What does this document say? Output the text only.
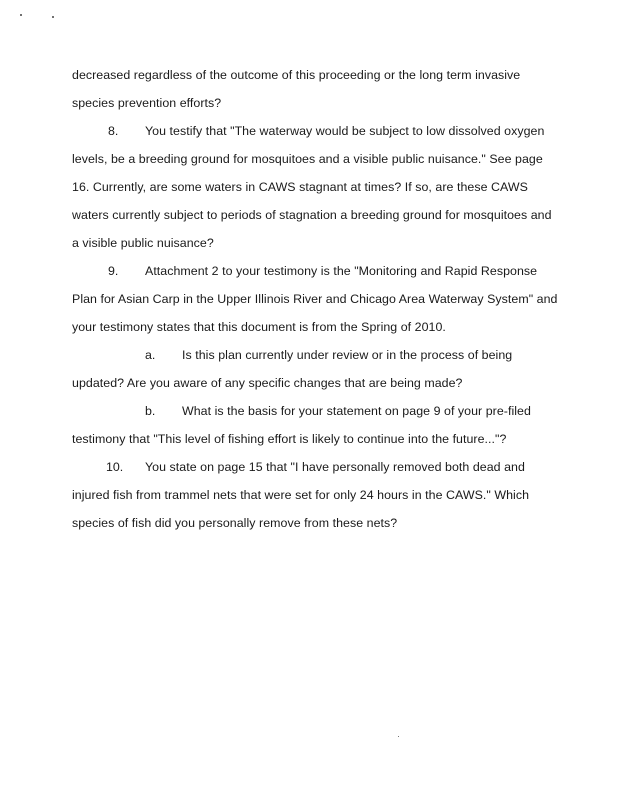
decreased regardless of the outcome of this proceeding or the long term invasive
species prevention efforts?
8. You testify that "The waterway would be subject to low dissolved oxygen
levels, be a breeding ground for mosquitoes and a visible public nuisance." See page
16. Currently, are some waters in CAWS stagnant at times? If so, are these CAWS
waters currently subject to periods of stagnation a breeding ground for mosquitoes and
a visible public nuisance?
9. Attachment 2 to your testimony is the "Monitoring and Rapid Response
Plan for Asian Carp in the Upper Illinois River and Chicago Area Waterway System" and
your testimony states that this document is from the Spring of 2010.
a. Is this plan currently under review or in the process of being
updated? Are you aware of any specific changes that are being made?
b. What is the basis for your statement on page 9 of your pre-filed
testimony that "This level of fishing effort is likely to continue into the future..."?
10. You state on page 15 that "I have personally removed both dead and
injured fish from trammel nets that were set for only 24 hours in the CAWS." Which
species of fish did you personally remove from these nets?
